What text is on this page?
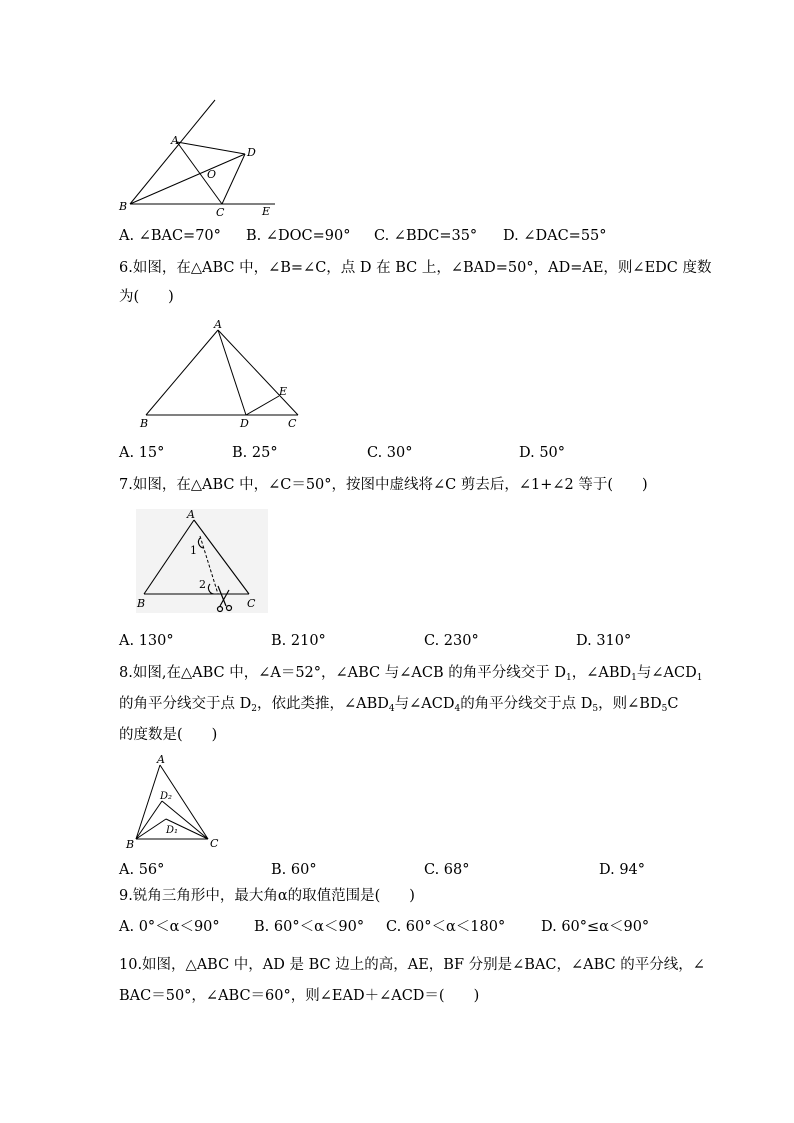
A
B	C
D
O
E
A. ∠BAC=70° B. ∠DOC=90° C. ∠BDC=35° D. ∠DAC=55°
6.如图，在△ABC 中，∠B=∠C，点 D 在 BC 上，∠BAD=50°，AD=AE，则∠EDC 度数
为(　　)
A
B	D	C
E
A. 15°	B. 25°	C. 30°	D. 50°
7.如图，在△ABC 中，∠C＝50°，按图中虚线将∠C 剪去后，∠1+∠2 等于(　　)
A
1
2
B	C
A. 130°	B. 210°	C. 230°	D. 310°
8.如图,在△ABC 中，∠A＝52°，∠ABC 与∠ACB 的角平分线交于 $D_1$，$\angle ABD_1$与$\angle ACD_1$
的角平分线交于点 $D_2$，依此类推，$\angle ABD_4$与$\angle ACD_4$的角平分线交于点 $D_5$，则$\angle BD_5C$
的度数是(　　)
A
D₂
D₁
B	C
A. 56°	B. 60°	C. 68°	D. 94°
9.锐角三角形中，最大角α的取值范围是(　　)
A. 0°＜α＜90° B. 60°＜α＜90° C. 60°＜α＜180° D. 60°≤α＜90°
10.如图，△ABC 中，AD 是 BC 边上的高，AE，BF 分别是∠BAC，∠ABC 的平分线，∠
BAC＝50°，∠ABC＝60°，则∠EAD＋∠ACD＝(　　)
